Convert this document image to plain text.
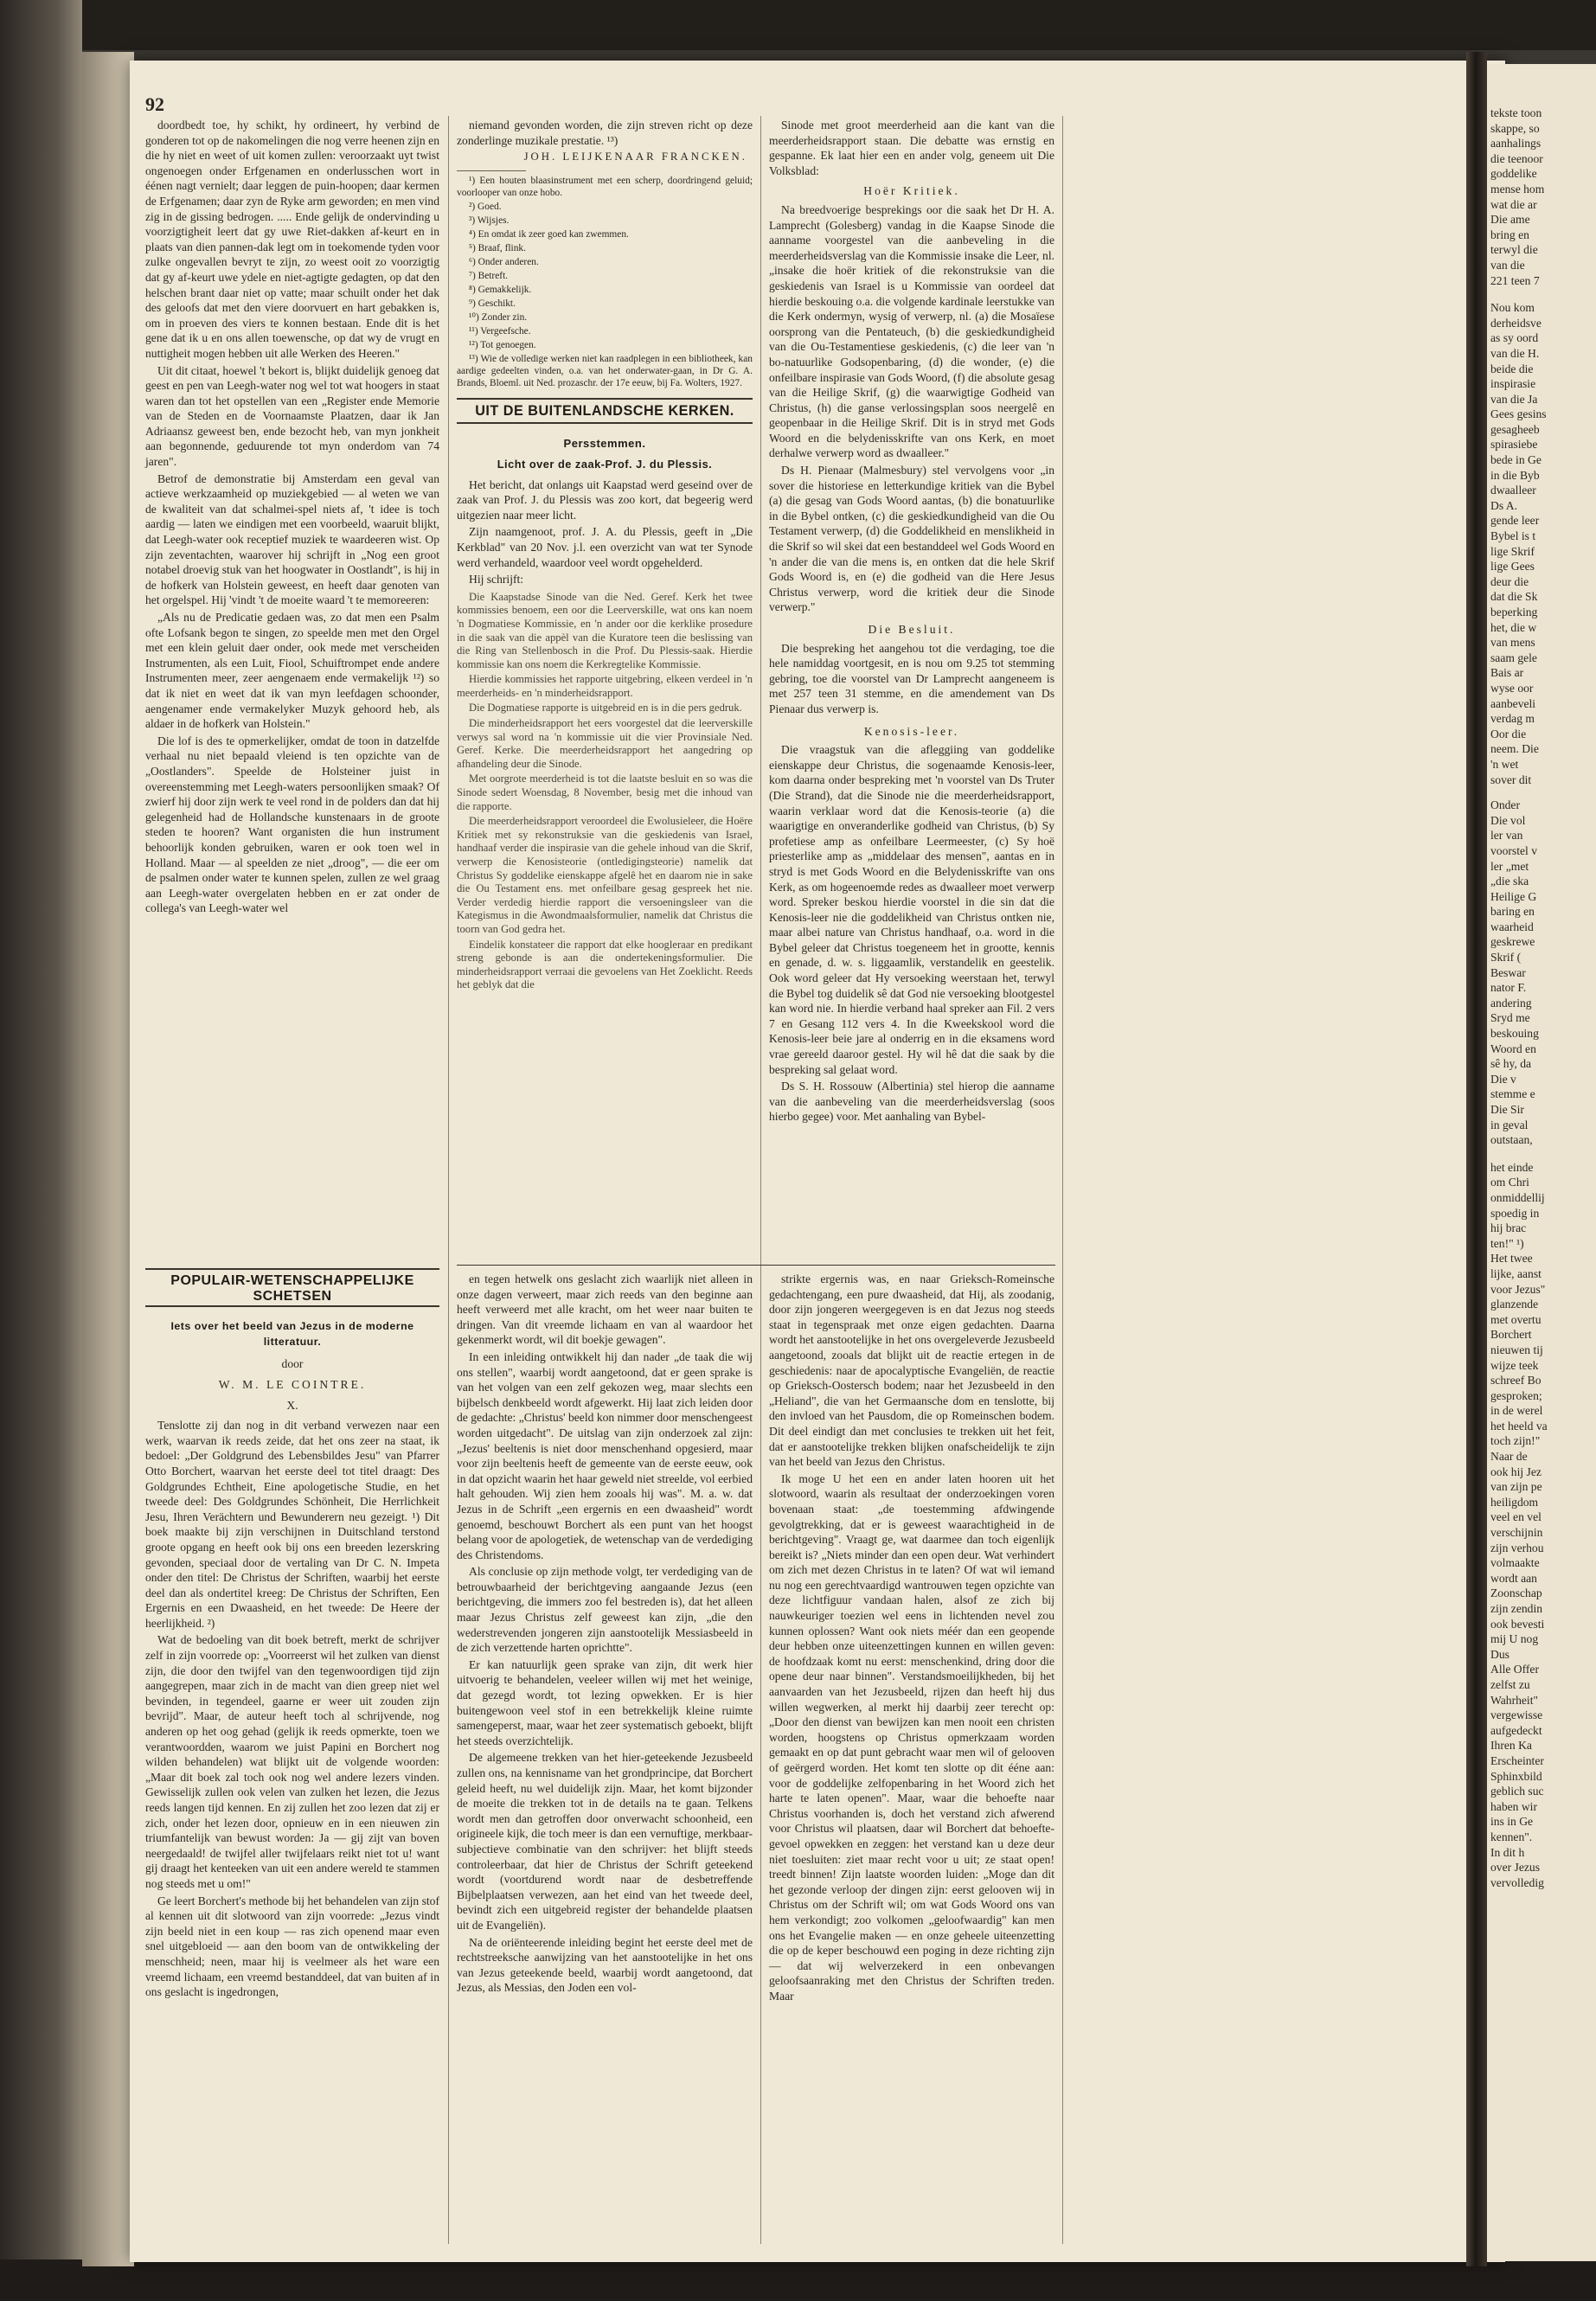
92

doordbedt toe, hy schikt, hy ordineert, hy verbind de gonderen tot op de nakomelingen die nog verre heenen zijn en die hy niet en weet of uit komen zullen: veroorzaakt uyt twist ongenoegen onder Erfgenamen en onderlusschen wort in éénen nagt vernielt; daar leggen de puin-hoopen; daar kermen de Erfgenamen; daar zyn de Ryke arm geworden; en men vind zig in de gissing bedrogen. ..... Ende gelijk de ondervinding u voorzigtigheit leert dat gy uwe Riet-dakken af-keurt en in plaats van dien pannen-dak legt om in toekomende tyden voor zulke ongevallen bevryt te zijn, zo weest ooit zo voorzigtig dat gy af-keurt uwe ydele en niet-agtigte gedagten, op dat den helschen brant daar niet op vatte; maar schuilt onder het dak des geloofs dat met den viere doorvuert en hart gebakken is, om in proeven des viers te konnen bestaan. Ende dit is het gene dat ik u en ons allen toewensche, op dat wy de vrugt en nuttigheit mogen hebben uit alle Werken des Heeren."

Uit dit citaat, hoewel 't bekort is, blijkt duidelijk genoeg dat geest en pen van Leegh-water nog wel tot wat hoogers in staat waren dan tot het opstellen van een „Register ende Memorie van de Steden en de Voornaamste Plaatzen, daar ik Jan Adriaansz geweest ben, ende bezocht heb, van myn jonkheit aan begonnende, geduurende tot myn onderdom van 74 jaren".

Betrof de demonstratie bij Amsterdam een geval van actieve werkzaamheid op muziekgebied — al weten we van de kwaliteit van dat schalmei-spel niets af, 't idee is toch aardig — laten we eindigen met een voorbeeld, waaruit blijkt, dat Leegh-water ook receptief muziek te waardeeren wist. Op zijn zeventachten, waarover hij schrijft in „Nog een groot notabel droevig stuk van het hoogwater in Oostlandt", is hij in de hofkerk van Holstein geweest, en heeft daar genoten van het orgelspel. Hij 'vindt 't de moeite waard 't te memoreeren:

„Als nu de Predicatie gedaen was, zo dat men een Psalm ofte Lofsank begon te singen, zo speelde men met den Orgel met een klein geluit daer onder, ook mede met verscheiden Instrumenten, als een Luit, Fiool, Schuiftrompet ende andere Instrumenten meer, zeer aengenaem ende vermakelijk ¹²) so dat ik niet en weet dat ik van myn leefdagen schoonder, aengenamer ende vermakelyker Muzyk gehoord heb, als aldaer in de hofkerk van Holstein."

Die lof is des te opmerkelijker, omdat de toon in datzelfde verhaal nu niet bepaald vleiend is ten opzichte van de „Oostlanders". Speelde de Holsteiner juist in overeenstemming met Leegh-waters persoonlijken smaak? Of zwierf hij door zijn werk te veel rond in de polders dan dat hij gelegenheid had de Hollandsche kunstenaars in de groote steden te hooren? Want organisten die hun instrument behoorlijk konden gebruiken, waren er ook toen wel in Holland. Maar — al speelden ze niet „droog", — die eer om de psalmen onder water te kunnen spelen, zullen ze wel graag aan Leegh-water overgelaten hebben en er zat onder de collega's van Leegh-water wel

POPULAIR-WETENSCHAPPELIJKE SCHETSEN
Iets over het beeld van Jezus in de moderne litteratuur.
door
W. M. LE COINTRE.
X.

Tenslotte zij dan nog in dit verband verwezen naar een werk, waarvan ik reeds zeide, dat het ons zeer na staat, ik bedoel: „Der Goldgrund des Lebensbildes Jesu" van Pfarrer Otto Borchert, waarvan het eerste deel tot titel draagt: Des Goldgrundes Echtheit, Eine apologetische Studie, en het tweede deel: Des Goldgrundes Schönheit, Die Herrlichkeit Jesu, Ihren Verächtern und Bewunderern neu gezeigt. ¹) Dit boek maakte bij zijn verschijnen in Duitschland terstond groote opgang en heeft ook bij ons een breeden lezerskring gevonden, speciaal door de vertaling van Dr C. N. Impeta onder den titel: De Christus der Schriften, waarbij het eerste deel dan als ondertitel kreeg: De Christus der Schriften, Een Ergernis en een Dwaasheid, en het tweede: De Heere der heerlijkheid. ²)

Wat de bedoeling van dit boek betreft, merkt de schrijver zelf in zijn voorrede op: „Voorreerst wil het zulken van dienst zijn, die door den twijfel van den tegenwoordigen tijd zijn aangegrepen, maar zich in de macht van dien greep niet wel bevinden, in tegendeel, gaarne er weer uit zouden zijn bevrijd". Maar, de auteur heeft toch al schrijvende, nog anderen op het oog gehad (gelijk ik reeds opmerkte, toen we verantwoordden, waarom we juist Papini en Borchert nog wilden behandelen) wat blijkt uit de volgende woorden: „Maar dit boek zal toch ook nog wel andere lezers vinden. Gewisselijk zullen ook velen van zulken het lezen, die Jezus reeds langen tijd kennen. En zij zullen het zoo lezen dat zij er zich, onder het lezen door, opnieuw en in een nieuwen zin triumfantelijk van bewust worden: Ja — gij zijt van boven neergedaald! de twijfel aller twijfelaars reikt niet tot u! want gij draagt het kenteeken van uit een andere wereld te stammen nog steeds met u om!"

Ge leert Borchert's methode bij het behandelen van zijn stof al kennen uit dit slotwoord van zijn voorrede: „Jezus vindt zijn beeld niet in een koup — ras zich openend maar even snel uitgebloeid — aan den boom van de ontwikkeling der menschheid; neen, maar hij is veelmeer als het ware een vreemd lichaam, een vreemd bestanddeel, dat van buiten af in ons geslacht is ingedrongen,

niemand gevonden worden, die zijn streven richt op deze zonderlinge muzikale prestatie. ¹³)

JOH. LEIJKENAAR FRANCKEN.

¹) Een houten blaasinstrument met een scherp, doordringend geluid; voorlooper van onze hobo.

²) Goed.

³) Wijsjes.

⁴) En omdat ik zeer goed kan zwemmen.

⁵) Braaf, flink.

⁶) Onder anderen.

⁷) Betreft.

⁸) Gemakkelijk.

⁹) Geschikt.

¹⁰) Zonder zin.

¹¹) Vergeefsche.

¹²) Tot genoegen.

¹³) Wie de volledige werken niet kan raadplegen in een bibliotheek, kan aardige gedeelten vinden, o.a. van het onderwater-gaan, in Dr G. A. Brands, Bloeml. uit Ned. prozaschr. der 17e eeuw, bij Fa. Wolters, 1927.

UIT DE BUITENLANDSCHE KERKEN.
Persstemmen.
Licht over de zaak-Prof. J. du Plessis.

Het bericht, dat onlangs uit Kaapstad werd geseind over de zaak van Prof. J. du Plessis was zoo kort, dat begeerig werd uitgezien naar meer licht.

Zijn naamgenoot, prof. J. A. du Plessis, geeft in „Die Kerkblad" van 20 Nov. j.l. een overzicht van wat ter Synode werd verhandeld, waardoor veel wordt opgehelderd.

Hij schrijft:

Die Kaapstadse Sinode van die Ned. Geref. Kerk het twee kommissies benoem, een oor die Leerverskille, wat ons kan noem 'n Dogmatiese Kommissie, en 'n ander oor die kerklike prosedure in die saak van die appèl van die Kuratore teen die beslissing van die Ring van Stellenbosch in die Prof. Du Plessis-saak. Hierdie kommissie kan ons noem die Kerkregtelike Kommissie.

Hierdie kommissies het rapporte uitgebring, elkeen verdeel in 'n meerderheids- en 'n minderheidsrapport.

Die Dogmatiese rapporte is uitgebreid en is in die pers gedruk.

Die minderheidsrapport het eers voorgestel dat die leerverskille verwys sal word na 'n kommissie uit die vier Provinsiale Ned. Geref. Kerke. Die meerderheidsrapport het aangedring op afhandeling deur die Sinode.

Met oorgrote meerderheid is tot die laatste besluit en so was die Sinode sedert Woensdag, 8 November, besig met die inhoud van die rapporte.

Die meerderheidsrapport veroordeel die Ewolusieleer, die Hoëre Kritiek met sy rekonstruksie van die geskiedenis van Israel, handhaaf verder die inspirasie van die gehele inhoud van die Skrif, verwerp die Kenosisteorie (ontledigingsteorie) namelik dat Christus Sy goddelike eienskappe afgelê het en daarom nie in sake die Ou Testament ens. met onfeilbare gesag gespreek het nie. Verder verdedig hierdie rapport die versoeningsleer van die Kategismus in die Awondmaalsformulier, namelik dat Christus die toorn van God gedra het.

Eindelik konstateer die rapport dat elke hoogleraar en predikant streng gebonde is aan die ondertekeningsformulier. Die minderheidsrapport verraai die gevoelens van Het Zoeklicht. Reeds het geblyk dat die

Sinode met groot meerderheid aan die kant van die meerderheidsrapport staan. Die debatte was ernstig en gespanne. Ek laat hier een en ander volg, geneem uit Die Volksblad:

Hoër Kritiek.

Na breedvoerige besprekings oor die saak het Dr H. A. Lamprecht (Golesberg) vandag in die Kaapse Sinode die aanname voorgestel van die aanbeveling in die meerderheidsverslag van die Kommissie insake die Leer, nl. „insake die hoër kritiek of die rekonstruksie van die geskiedenis van Israel is u Kommissie van oordeel dat hierdie beskouing o.a. die volgende kardinale leerstukke van die Kerk ondermyn, wysig of verwerp, nl. (a) die Mosaïese oorsprong van die Pentateuch, (b) die geskiedkundigheid van die Ou-Testamentiese geskiedenis, (c) die leer van 'n bo-natuurlike Godsopenbaring, (d) die wonder, (e) die onfeilbare inspirasie van Gods Woord, (f) die absolute gesag van die Heilige Skrif, (g) die waarwigtige Godheid van Christus, (h) die ganse verlossingsplan soos neergelê en geopenbaar in die Heilige Skrif. Dit is in stryd met Gods Woord en die belydenisskrifte van ons Kerk, en moet derhalwe verwerp word as dwaalleer."

Ds H. Pienaar (Malmesbury) stel vervolgens voor „in sover die historiese en letterkundige kritiek van die Bybel (a) die gesag van Gods Woord aantas, (b) die bonatuurlike in die Bybel ontken, (c) die geskiedkundigheid van die Ou Testament verwerp, (d) die Goddelikheid en menslikheid in die Skrif so wil skei dat een bestanddeel wel Gods Woord en 'n ander die van die mens is, en ontken dat die hele Skrif Gods Woord is, en (e) die godheid van die Here Jesus Christus verwerp, word die kritiek deur die Sinode verwerp."

Die Besluit.

Die bespreking het aangehou tot die verdaging, toe die hele namiddag voortgesit, en is nou om 9.25 tot stemming gebring, toe die voorstel van Dr Lamprecht aangeneem is met 257 teen 31 stemme, en die amendement van Ds Pienaar dus verwerp is.

Kenosis-leer.

Die vraagstuk van die afleggiing van goddelike eienskappe deur Christus, die sogenaamde Kenosis-leer, kom daarna onder bespreking met 'n voorstel van Ds Truter (Die Strand), dat die Sinode nie die meerderheidsrapport, waarin verklaar word dat die Kenosis-teorie (a) die waarigtige en onveranderlike godheid van Christus, (b) Sy profetiese amp as onfeilbare Leermeester, (c) Sy hoë priesterlike amp as „middelaar des mensen", aantas en in stryd is met Gods Woord en die Belydenisskrifte van ons Kerk, as om hogeenoemde redes as dwaalleer moet verwerp word. Spreker beskou hierdie voorstel in die sin dat die Kenosis-leer nie die goddelikheid van Christus ontken nie, maar albei nature van Christus handhaaf, o.a. word in die Bybel geleer dat Christus toegeneem het in grootte, kennis en genade, d. w. s. liggaamlik, verstandelik en geestelik. Ook word geleer dat Hy versoeking weerstaan het, terwyl die Bybel tog duidelik sê dat God nie versoeking blootgestel kan word nie. In hierdie verband haal spreker aan Fil. 2 vers 7 en Gesang 112 vers 4. In die Kweekskool word die Kenosis-leer beie jare al onderrig en in die eksamens word vrae gereeld daaroor gestel. Hy wil hê dat die saak by die bespreking sal gelaat word.

Ds S. H. Rossouw (Albertinia) stel hierop die aanname van die aanbeveling van die meerderheidsverslag (soos hierbo gegee) voor. Met aanhaling van Bybel-

en tegen hetwelk ons geslacht zich waarlijk niet alleen in onze dagen verweert, maar zich reeds van den beginne aan heeft verweerd met alle kracht, om het weer naar buiten te dringen. Van dit vreemde lichaam en van al waardoor het gekenmerkt wordt, wil dit boekje gewagen".

In een inleiding ontwikkelt hij dan nader „de taak die wij ons stellen", waarbij wordt aangetoond, dat er geen sprake is van het volgen van een zelf gekozen weg, maar slechts een bijbelsch denkbeeld wordt afgewerkt. Hij laat zich leiden door de gedachte: „Christus' beeld kon nimmer door menschengeest worden uitgedacht". De uitslag van zijn onderzoek zal zijn: „Jezus' beeltenis is niet door menschenhand opgesierd, maar voor zijn beeltenis heeft de gemeente van de eerste eeuw, ook in dat opzicht waarin het haar geweld niet streelde, vol eerbied halt gehouden. Wij zien hem zooals hij was". M. a. w. dat Jezus in de Schrift „een ergernis en een dwaasheid" wordt genoemd, beschouwt Borchert als een punt van het hoogst belang voor de apologetiek, de wetenschap van de verdediging des Christendoms.

Als conclusie op zijn methode volgt, ter verdediging van de betrouwbaarheid der berichtgeving aangaande Jezus (een berichtgeving, die immers zoo fel bestreden is), dat het alleen maar Jezus Christus zelf geweest kan zijn, „die den wederstrevenden jongeren zijn aanstootelijk Messiasbeeld in de zich verzettende harten oprichtte".

Er kan natuurlijk geen sprake van zijn, dit werk hier uitvoerig te behandelen, veeleer willen wij met het weinige, dat gezegd wordt, tot lezing opwekken. Er is hier buitengewoon veel stof in een betrekkelijk kleine ruimte samengeperst, maar, waar het zeer systematisch geboekt, blijft het steeds overzichtelijk.

De algemeene trekken van het hier-geteekende Jezusbeeld zullen ons, na kennisname van het grondprincipe, dat Borchert geleid heeft, nu wel duidelijk zijn. Maar, het komt bijzonder de moeite die trekken tot in de details na te gaan. Telkens wordt men dan getroffen door onverwacht schoonheid, een origineele kijk, die toch meer is dan een vernuftige, merkbaar-subjectieve combinatie van den schrijver: het blijft steeds controleerbaar, dat hier de Christus der Schrift geteekend wordt (voortdurend wordt naar de desbetreffende Bijbelplaatsen verwezen, aan het eind van het tweede deel, bevindt zich een uitgebreid register der behandelde plaatsen uit de Evangeliën).

Na de oriënteerende inleiding begint het eerste deel met de rechtstreeksche aanwijzing van het aanstootelijke in het ons van Jezus geteekende beeld, waarbij wordt aangetoond, dat Jezus, als Messias, den Joden een vol-

strikte ergernis was, en naar Grieksch-Romeinsche gedachtengang, een pure dwaasheid, dat Hij, als zoodanig, door zijn jongeren weergegeven is en dat Jezus nog steeds staat in tegenspraak met onze eigen gedachten. Daarna wordt het aanstootelijke in het ons overgeleverde Jezusbeeld aangetoond, zooals dat blijkt uit de reactie ertegen in de geschiedenis: naar de apocalyptische Evangeliën, de reactie op Grieksch-Oostersch bodem; naar het Jezusbeeld in den „Heliand", die van het Germaansche dom en tenslotte, bij den invloed van het Pausdom, die op Romeinschen bodem. Dit deel eindigt dan met conclusies te trekken uit het feit, dat er aanstootelijke trekken blijken onafscheidelijk te zijn van het beeld van Jezus den Christus.

Ik moge U het een en ander laten hooren uit het slotwoord, waarin als resultaat der onderzoekingen voren bovenaan staat: „de toestemming afdwingende gevolgtrekking, dat er is geweest waarachtigheid in de berichtgeving". Vraagt ge, wat daarmee dan toch eigenlijk bereikt is? „Niets minder dan een open deur. Wat verhindert om zich met dezen Christus in te laten? Of wat wil iemand nu nog een gerechtvaardigd wantrouwen tegen opzichte van deze lichtfiguur vandaan halen, alsof ze zich bij nauwkeuriger toezien wel eens in lichtenden nevel zou kunnen oplossen? Want ook niets méér dan een geopende deur hebben onze uiteenzettingen kunnen en willen geven: de hoofdzaak komt nu eerst: menschenkind, dring door die opene deur naar binnen". Verstandsmoeilijkheden, bij het aanvaarden van het Jezusbeeld, rijzen dan heeft hij dus willen wegwerken, al merkt hij daarbij zeer terecht op: „Door den dienst van bewijzen kan men nooit een christen worden, hoogstens op Christus opmerkzaam worden gemaakt en op dat punt gebracht waar men wil of gelooven of geërgerd worden. Het komt ten slotte op dit ééne aan: voor de goddelijke zelfopenbaring in het Woord zich het harte te laten openen". Maar, waar die behoefte naar Christus voorhanden is, doch het verstand zich afwerend voor Christus wil plaatsen, daar wil Borchert dat behoefte-gevoel opwekken en zeggen: het verstand kan u deze deur niet toesluiten: ziet maar recht voor u uit; ze staat open! treedt binnen! Zijn laatste woorden luiden: „Moge dan dit het gezonde verloop der dingen zijn: eerst gelooven wij in Christus om der Schrift wil; om wat Gods Woord ons van hem verkondigt; zoo volkomen „geloofwaardig" kan men ons het Evangelie maken — en onze geheele uiteenzetting die op de keper beschouwd een poging in deze richting zijn — dat wij welverzekerd in een onbevangen geloofsaanraking met den Christus der Schriften treden. Maar

tekste toon
skappe, so
aanhalings
die teenoor
goddelike
mense hom
wat die ar
Die ame
bring en
terwyl die
van die
221 teen 7
Nou kom
derheidsve
as sy oord
van die H.
beide die
inspirasie
van die Ja
Gees gesins
gesagheeb
spirasiebe
bede in Ge
in die Byb
dwaalleer
Ds A.
gende leer
Bybel is t
lige Skrif
lige Gees
deur die
dat die Sk
beperking
het, die w
van mens
saam gele
Bais ar
wyse oor
aanbeveli
verdag m
Oor die
neem. Die
'n wet
sover dit
Onder
Die vol
ler van
voorstel v
ler „met
„die ska
Heilige G
baring en
waarheid
geskrewe
Skrif (
Beswar
nator F.
andering
Sryd me
beskouing
Woord en
sê hy, da
Die v
stemme e
Die Sir
in geval
outstaan,
het einde
om Chri
onmiddellij
spoedig in
hij brac
ten!" ¹)
Het twee
lijke, aanst
voor Jezus"
glanzende
met overtu
Borchert
nieuwen tij
wijze teek
schreef Bo
gesproken;
in de werel
het heeld va
toch zijn!"
Naar de
ook hij Jez
van zijn pe
heiligdom
veel en vel
verschijnin
zijn verhou
volmaakte
wordt aan
Zoonschap
zijn zendin
ook bevesti
mij U nog
Dus
Alle Offer
zelfst zu
Wahrheit"
vergewisse
aufgedeckt
Ihren Ka
Erscheinter
Sphinxbild
geblich suc
haben wir
ins in Ge
kennen".
In dit h
over Jezus
vervolledig
